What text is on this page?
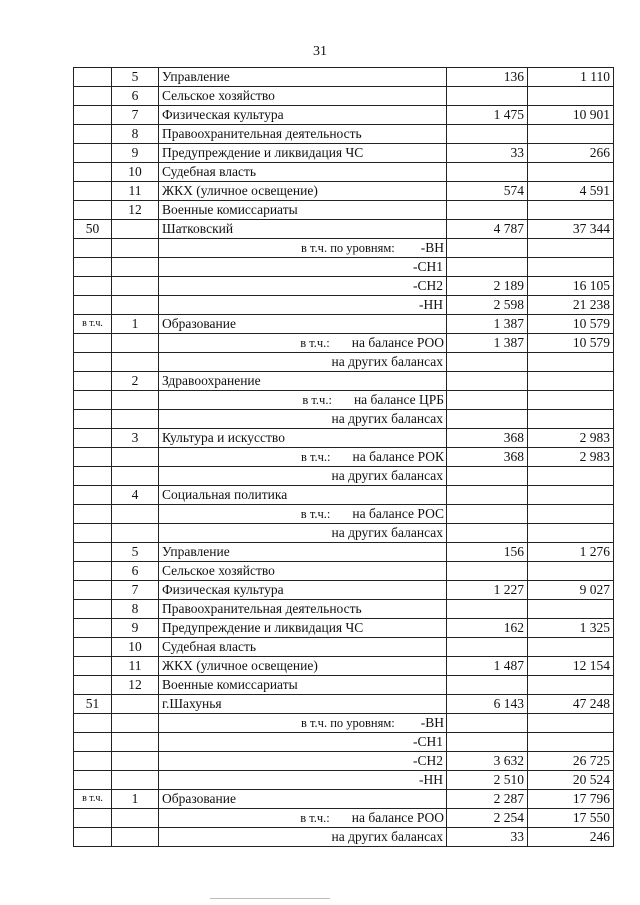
31
	5	Управление	136	1 110
	6	Сельское хозяйство		
	7	Физическая культура	1 475	10 901
	8	Правоохранительная деятельность		
	9	Предупреждение и ликвидация ЧС	33	266
	10	Судебная власть		
	11	ЖКХ (уличное освещение)	574	4 591
	12	Военные комиссариаты		
50		Шатковский	4 787	37 344
		в т.ч. по уровням: -ВН		
		-СН1		
		-СН2	2 189	16 105
		-НН	2 598	21 238
в т.ч.	1	Образование	1 387	10 579
		в т.ч.: на балансе РОО	1 387	10 579
		на других балансах		
	2	Здравоохранение		
		в т.ч.: на балансе ЦРБ		
		на других балансах		
	3	Культура и искусство	368	2 983
		в т.ч.: на балансе РОК	368	2 983
		на других балансах		
	4	Социальная политика		
		в т.ч.: на балансе РОС		
		на других балансах		
	5	Управление	156	1 276
	6	Сельское хозяйство		
	7	Физическая культура	1 227	9 027
	8	Правоохранительная деятельность		
	9	Предупреждение и ликвидация ЧС	162	1 325
	10	Судебная власть		
	11	ЖКХ (уличное освещение)	1 487	12 154
	12	Военные комиссариаты		
51		г.Шахунья	6 143	47 248
		в т.ч. по уровням: -ВН		
		-СН1		
		-СН2	3 632	26 725
		-НН	2 510	20 524
в т.ч.	1	Образование	2 287	17 796
		в т.ч.: на балансе РОО	2 254	17 550
		на других балансах	33	246
